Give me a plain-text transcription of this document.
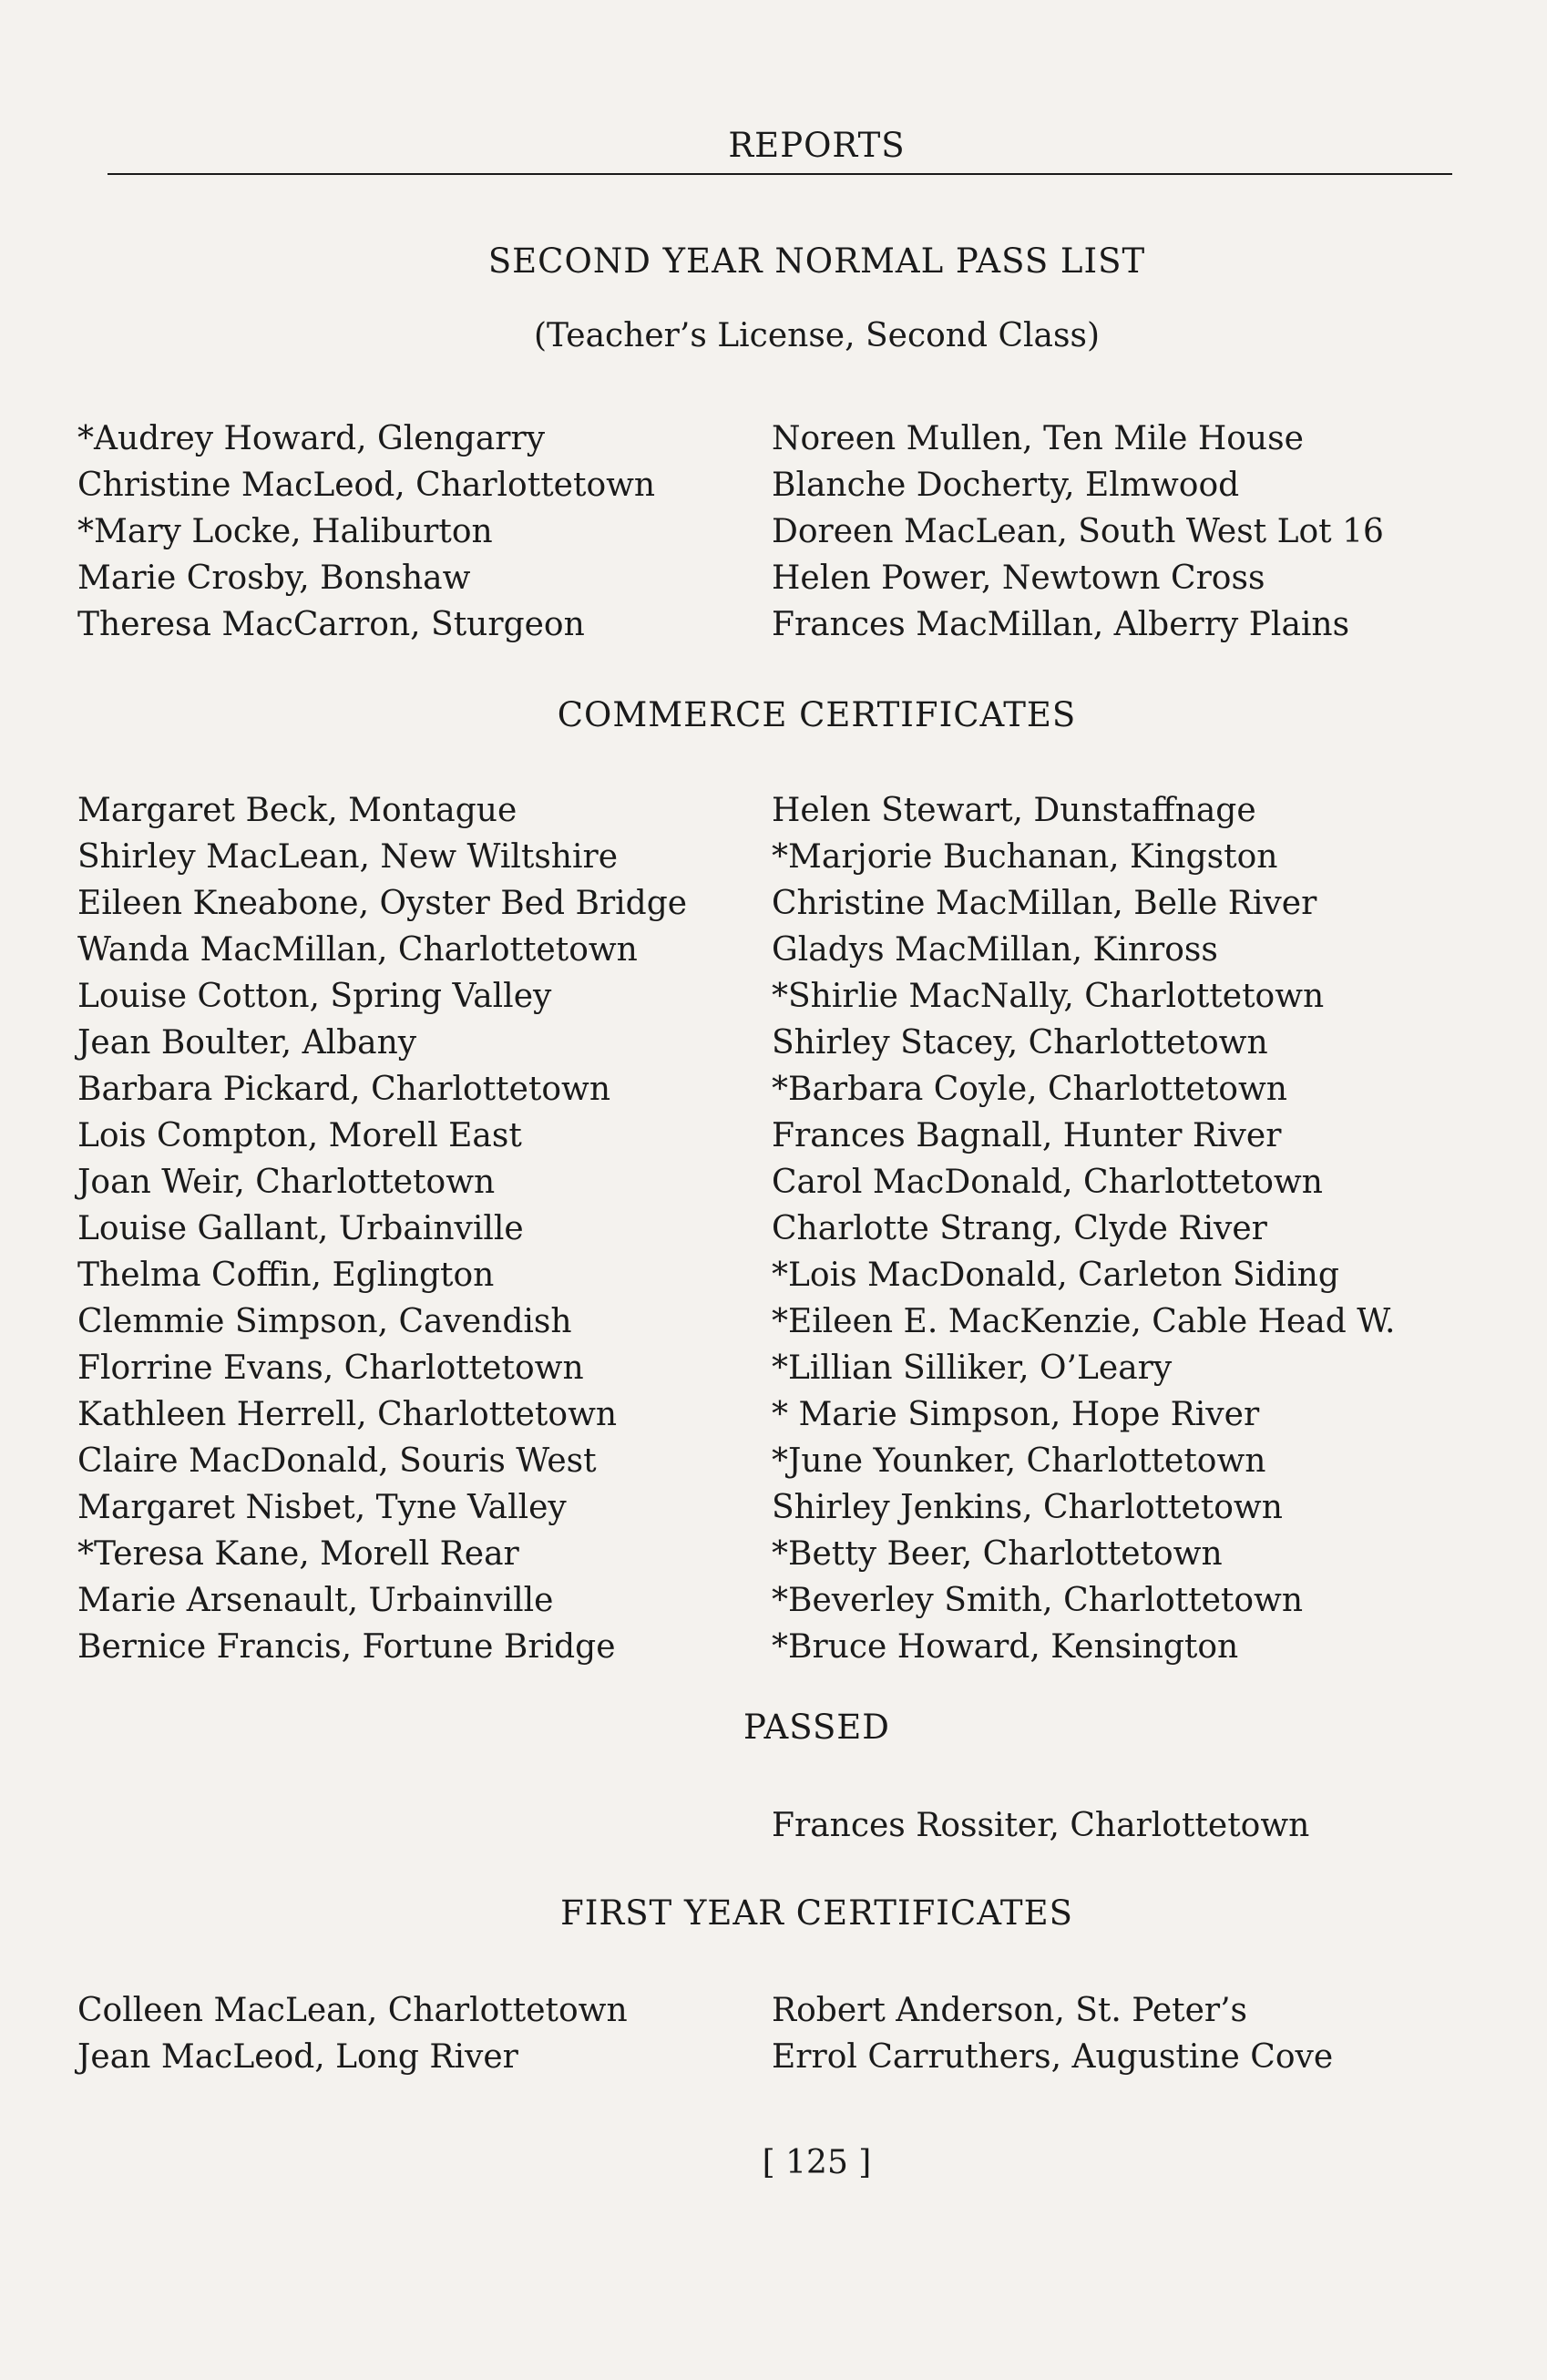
REPORTS
SECOND YEAR NORMAL PASS LIST
(Teacher’s License, Second Class)
*Audrey Howard, Glengarry
Christine MacLeod, Charlottetown
*Mary Locke, Haliburton
Marie Crosby, Bonshaw
Theresa MacCarron, Sturgeon
Noreen Mullen, Ten Mile House
Blanche Docherty, Elmwood
Doreen MacLean, South West Lot 16
Helen Power, Newtown Cross
Frances MacMillan, Alberry Plains
COMMERCE CERTIFICATES
Margaret Beck, Montague
Shirley MacLean, New Wiltshire
Eileen Kneabone, Oyster Bed Bridge
Wanda MacMillan, Charlottetown
Louise Cotton, Spring Valley
Jean Boulter, Albany
Barbara Pickard, Charlottetown
Lois Compton, Morell East
Joan Weir, Charlottetown
Louise Gallant, Urbainville
Thelma Coffin, Eglington
Clemmie Simpson, Cavendish
Florrine Evans, Charlottetown
Kathleen Herrell, Charlottetown
Claire MacDonald, Souris West
Margaret Nisbet, Tyne Valley
*Teresa Kane, Morell Rear
Marie Arsenault, Urbainville
Bernice Francis, Fortune Bridge
Helen Stewart, Dunstaffnage
*Marjorie Buchanan, Kingston
Christine MacMillan, Belle River
Gladys MacMillan, Kinross
*Shirlie MacNally, Charlottetown
Shirley Stacey, Charlottetown
*Barbara Coyle, Charlottetown
Frances Bagnall, Hunter River
Carol MacDonald, Charlottetown
Charlotte Strang, Clyde River
*Lois MacDonald, Carleton Siding
*Eileen E. MacKenzie, Cable Head W.
*Lillian Silliker, O’Leary
* Marie Simpson, Hope River
*June Younker, Charlottetown
Shirley Jenkins, Charlottetown
*Betty Beer, Charlottetown
*Beverley Smith, Charlottetown
*Bruce Howard, Kensington
PASSED
Frances Rossiter, Charlottetown
FIRST YEAR CERTIFICATES
Colleen MacLean, Charlottetown
Jean MacLeod, Long River
Robert Anderson, St. Peter’s
Errol Carruthers, Augustine Cove
[ 125 ]
